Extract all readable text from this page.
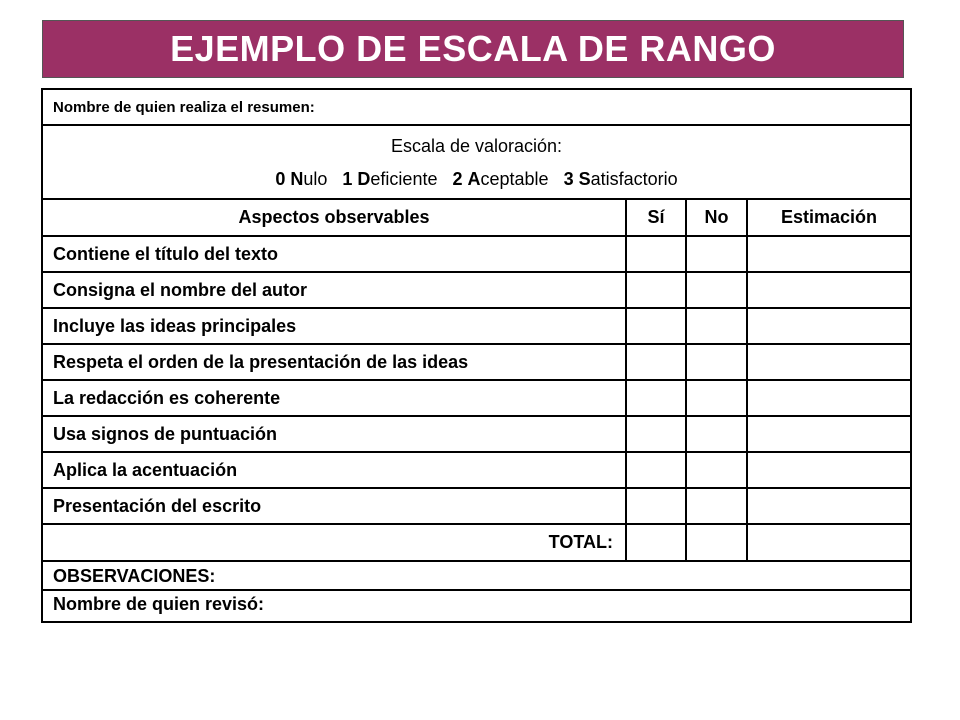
EJEMPLO DE ESCALA DE RANGO
Nombre de quien realiza el resumen:
Escala de valoración:
0 Nulo 1 Deficiente 2 Aceptable 3 Satisfactorio
Aspectos observables	Sí	No	Estimación
Contiene el título del texto			
Consigna el nombre del autor			
Incluye las ideas principales			
Respeta el orden de la presentación de las ideas			
La redacción es coherente			
Usa signos de puntuación			
Aplica la acentuación			
Presentación del escrito			
TOTAL:			
OBSERVACIONES:
Nombre de quien revisó:
